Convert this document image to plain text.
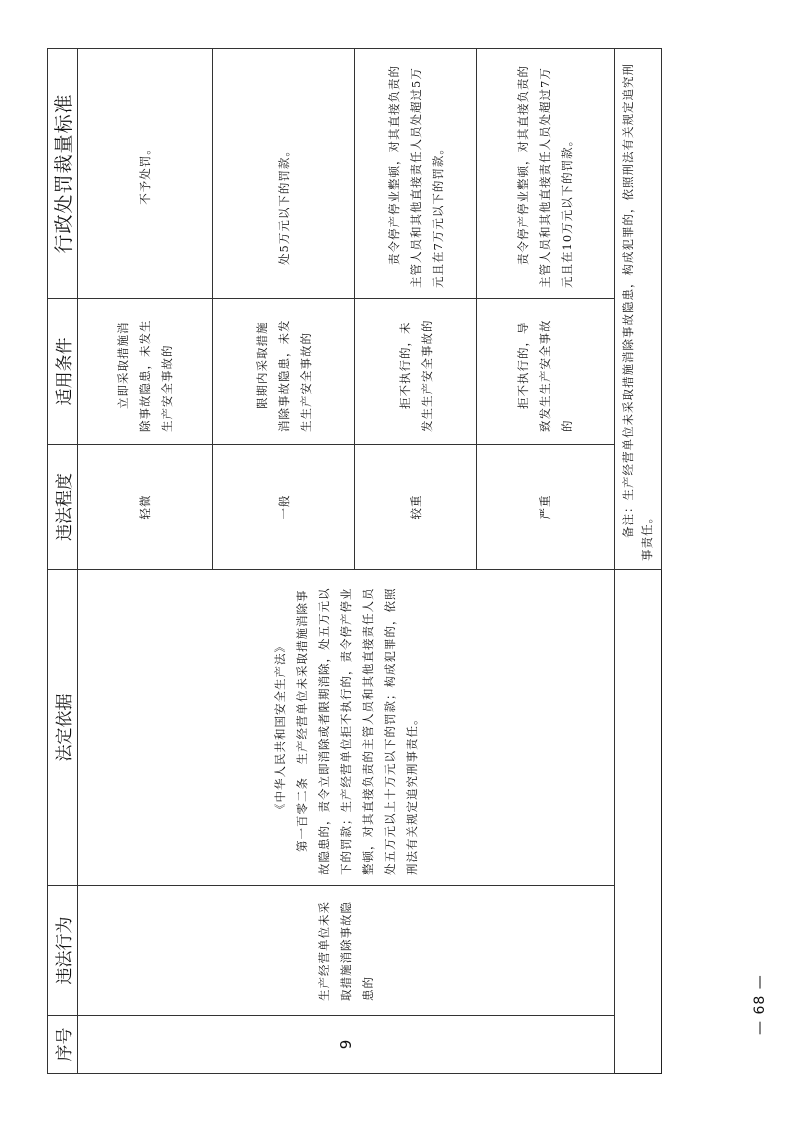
序号	违法行为	法定依据	违法程度	适用条件	行政处罚裁量标准
9	生产经营单位未采取措施消除事故隐患的	《中华人民共和国安全生产法》 第一百零二条　生产经营单位未采取措施消除事故隐患的，责令立即消除或者限期消除，处五万元以下的罚款；生产经营单位拒不执行的，责令停产停业整顿，对其直接负责的主管人员和其他直接责任人员处五万元以上十万元以下的罚款；构成犯罪的，依照刑法有关规定追究刑事责任。	轻微	立即采取措施消除事故隐患，未发生生产安全事故的	不予处罚。
			一般	限期内采取措施消除事故隐患，未发生生产安全事故的	处5万元以下的罚款。

			较重	拒不执行的，未发生生产安全事故的	责令停产停业整顿，对其直接负责的主管人员和其他直接责任人员处超过5万元且在7万元以下的罚款。

			严重	拒不执行的，导致发生生产安全事故的	责令停产停业整顿，对其直接负责的主管人员和其他直接责任人员处超过7万元且在10万元以下的罚款。

			备注：生产经营单位未采取措施消除事故隐患，构成犯罪的，依照刑法有关规定追究刑事责任。		

— 68 —
